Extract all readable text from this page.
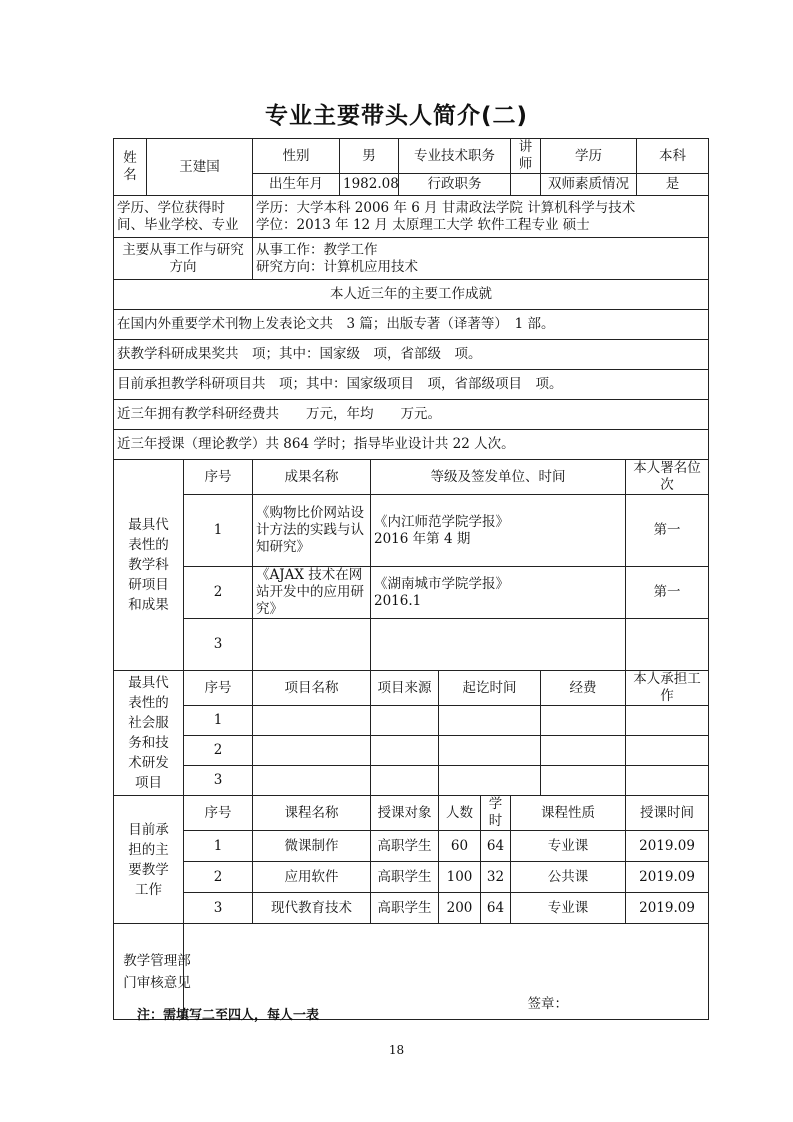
专业主要带头人简介(二)
姓
名	王建国		性别	男		专业技术职务			讲师	学历		本科
			出生年月	1982.08		行政职务				双师素质情况		是
学历、学位获得时间、毕业学校、专业			学历：大学本科 2006 年 6 月 甘肃政法学院 计算机科学与技术
学位：2013 年 12 月 太原理工大学 软件工程专业 硕士									

主要从事工作与研究方向			从事工作：教学工作
研究方向：计算机应用技术									

本人近三年的主要工作成就												
在国内外重要学术刊物上发表论文共　3 篇；出版专著（译著等）　1 部。												
获教学科研成果奖共　项；其中：国家级　项，省部级　项。												
目前承担教学科研项目共　项；其中：国家级项目　项，省部级项目　项。												
近三年拥有教学科研经费共　　万元，年均　　万元。												
近三年授课（理论教学）共 864 学时；指导毕业设计共 22 人次。												

最具代表性的教学科研项目和成果		序号	成果名称		等级及签发单位、时间						本人署名位次	
		1	《购物比价网站设计方法的实践与认知研究》		《内江师范学院学报》
2016 年第 4 期						第一	
		2	《AJAX 技术在网站开发中的应用研究》		《湖南城市学院学报》
2016.1						第一	
		3										

最具代表性的社会服务和技术研发项目		序号	项目名称		项目来源		起讫时间			经费	本人承担工作	
		1										
		2										
		3										

目前承担的主要教学工作		序号	课程名称		授课对象		人数	学时	课程性质		授课时间	
		1	微课制作		高职学生		60	64	专业课		2019.09	
		2	应用软件		高职学生		100	32	公共课		2019.09	
		3	现代教育技术		高职学生		200	64	专业课		2019.09	

教学管理部门审核意见		签章：										
注：需填写二至四人，每人一表
18
